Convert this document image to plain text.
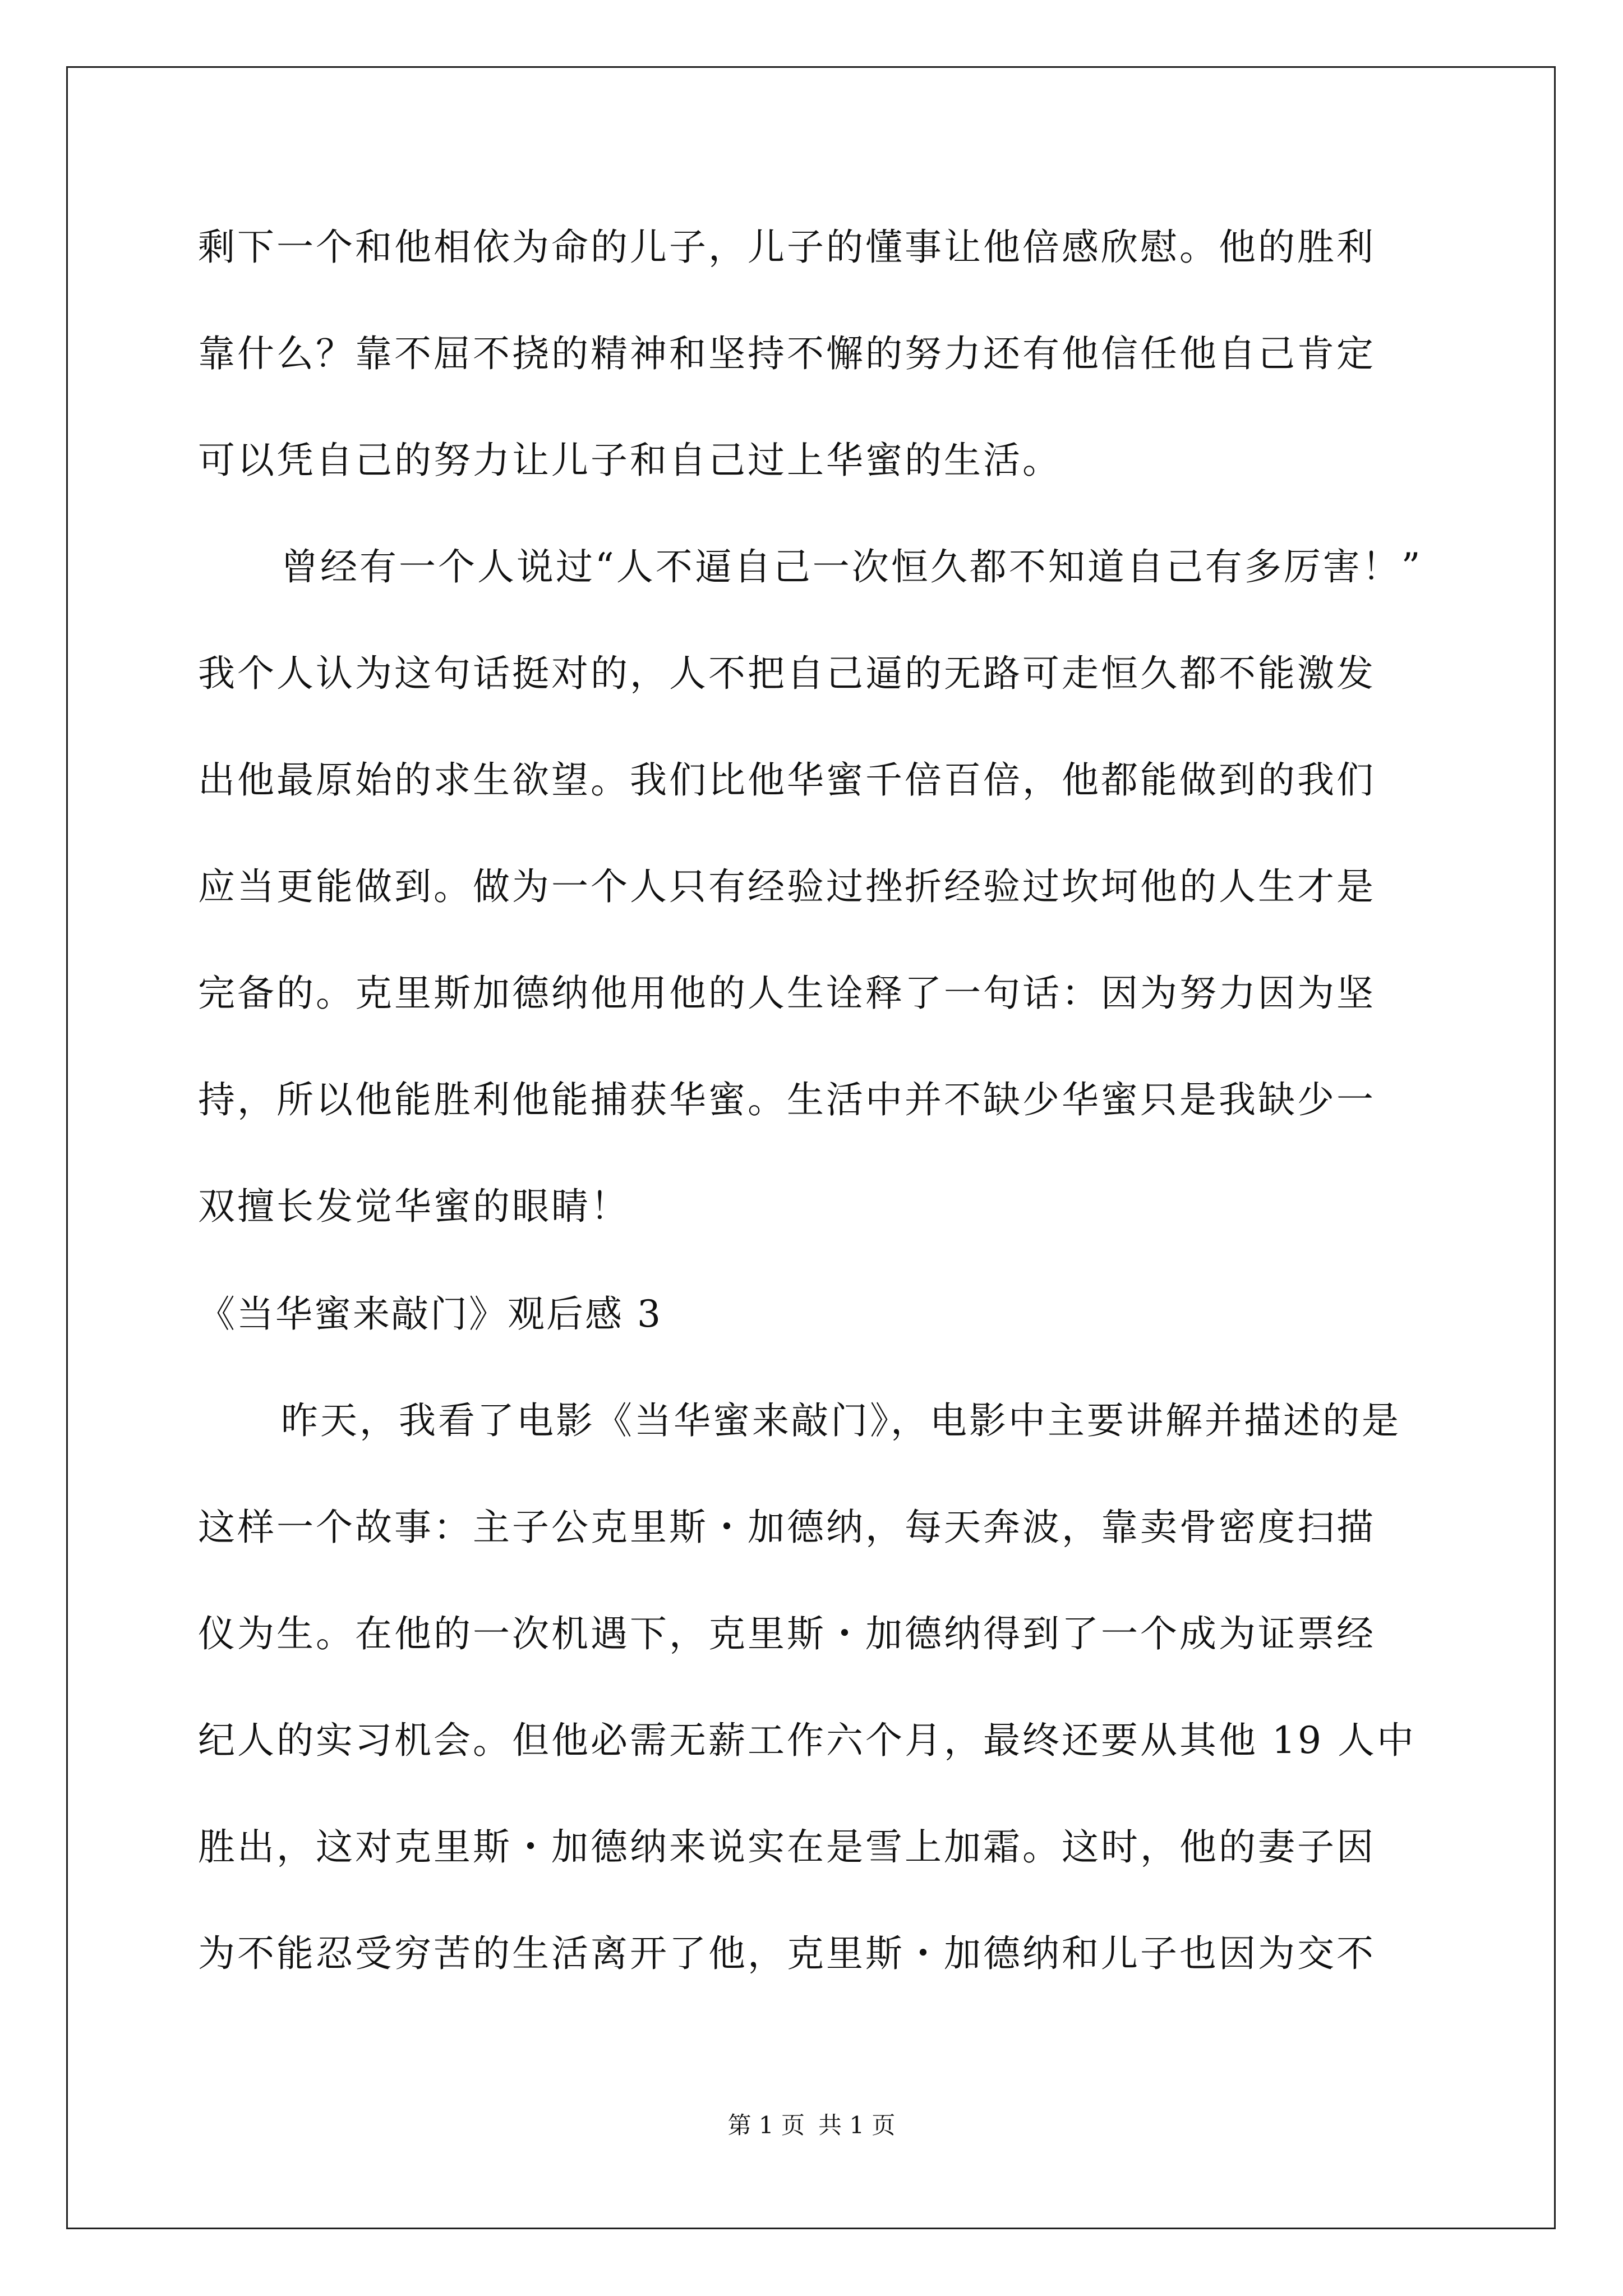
剩下一个和他相依为命的儿子，儿子的懂事让他倍感欣慰。他的胜利
靠什么？靠不屈不挠的精神和坚持不懈的努力还有他信任他自己肯定
可以凭自己的努力让儿子和自己过上华蜜的生活。
曾经有一个人说过“人不逼自己一次恒久都不知道自己有多厉害！”
我个人认为这句话挺对的，人不把自己逼的无路可走恒久都不能激发
出他最原始的求生欲望。我们比他华蜜千倍百倍，他都能做到的我们
应当更能做到。做为一个人只有经验过挫折经验过坎坷他的人生才是
完备的。克里斯加德纳他用他的人生诠释了一句话：因为努力因为坚
持，所以他能胜利他能捕获华蜜。生活中并不缺少华蜜只是我缺少一
双擅长发觉华蜜的眼睛！
《当华蜜来敲门》观后感 3
昨天，我看了电影《当华蜜来敲门》，电影中主要讲解并描述的是
这样一个故事：主子公克里斯・加德纳，每天奔波，靠卖骨密度扫描
仪为生。在他的一次机遇下，克里斯・加德纳得到了一个成为证票经
纪人的实习机会。但他必需无薪工作六个月，最终还要从其他 19 人中
胜出，这对克里斯・加德纳来说实在是雪上加霜。这时，他的妻子因
为不能忍受穷苦的生活离开了他，克里斯・加德纳和儿子也因为交不
第 1 页 共 1 页
